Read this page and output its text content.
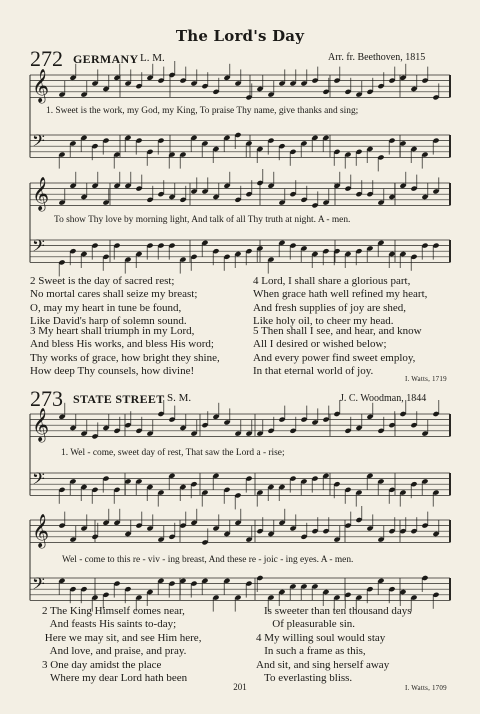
The Lord's Day
272 GERMANY L. M.	Arr. fr. Beethoven, 1815
𝄞
𝄢
1. Sweet is the work, my God, my King, To praise Thy name, give thanks and sing;
𝄞
𝄢
To show Thy love by morning light, And talk of all Thy truth at night. A - men.
2 Sweet is the day of sacred rest;
No mortal cares shall seize my breast;
O, may my heart in tune be found,
Like David's harp of solemn sound.
3 My heart shall triumph in my Lord,
And bless His works, and bless His word;
Thy works of grace, how bright they shine,
How deep Thy counsels, how divine!
4 Lord, I shall share a glorious part,
When grace hath well refined my heart,
And fresh supplies of joy are shed,
Like holy oil, to cheer my head.
5 Then shall I see, and hear, and know
All I desired or wished below;
And every power find sweet employ,
In that eternal world of joy.
I. Watts, 1719
273 STATE STREET S. M.	J. C. Woodman, 1844
𝄞
𝄢
1. Wel - come, sweet day of rest, That saw the Lord a - rise;
𝄞
𝄢
Wel - come to this re - viv - ing breast, And these re - joic - ing eyes. A - men.
2 The King Himself comes near,
And feasts His saints to-day;
Here we may sit, and see Him here,
And love, and praise, and pray.
3 One day amidst the place
Where my dear Lord hath been
Is sweeter than ten thousand days
Of pleasurable sin.
4 My willing soul would stay
In such a frame as this,
And sit, and sing herself away
To everlasting bliss.
I. Watts, 1709
201
